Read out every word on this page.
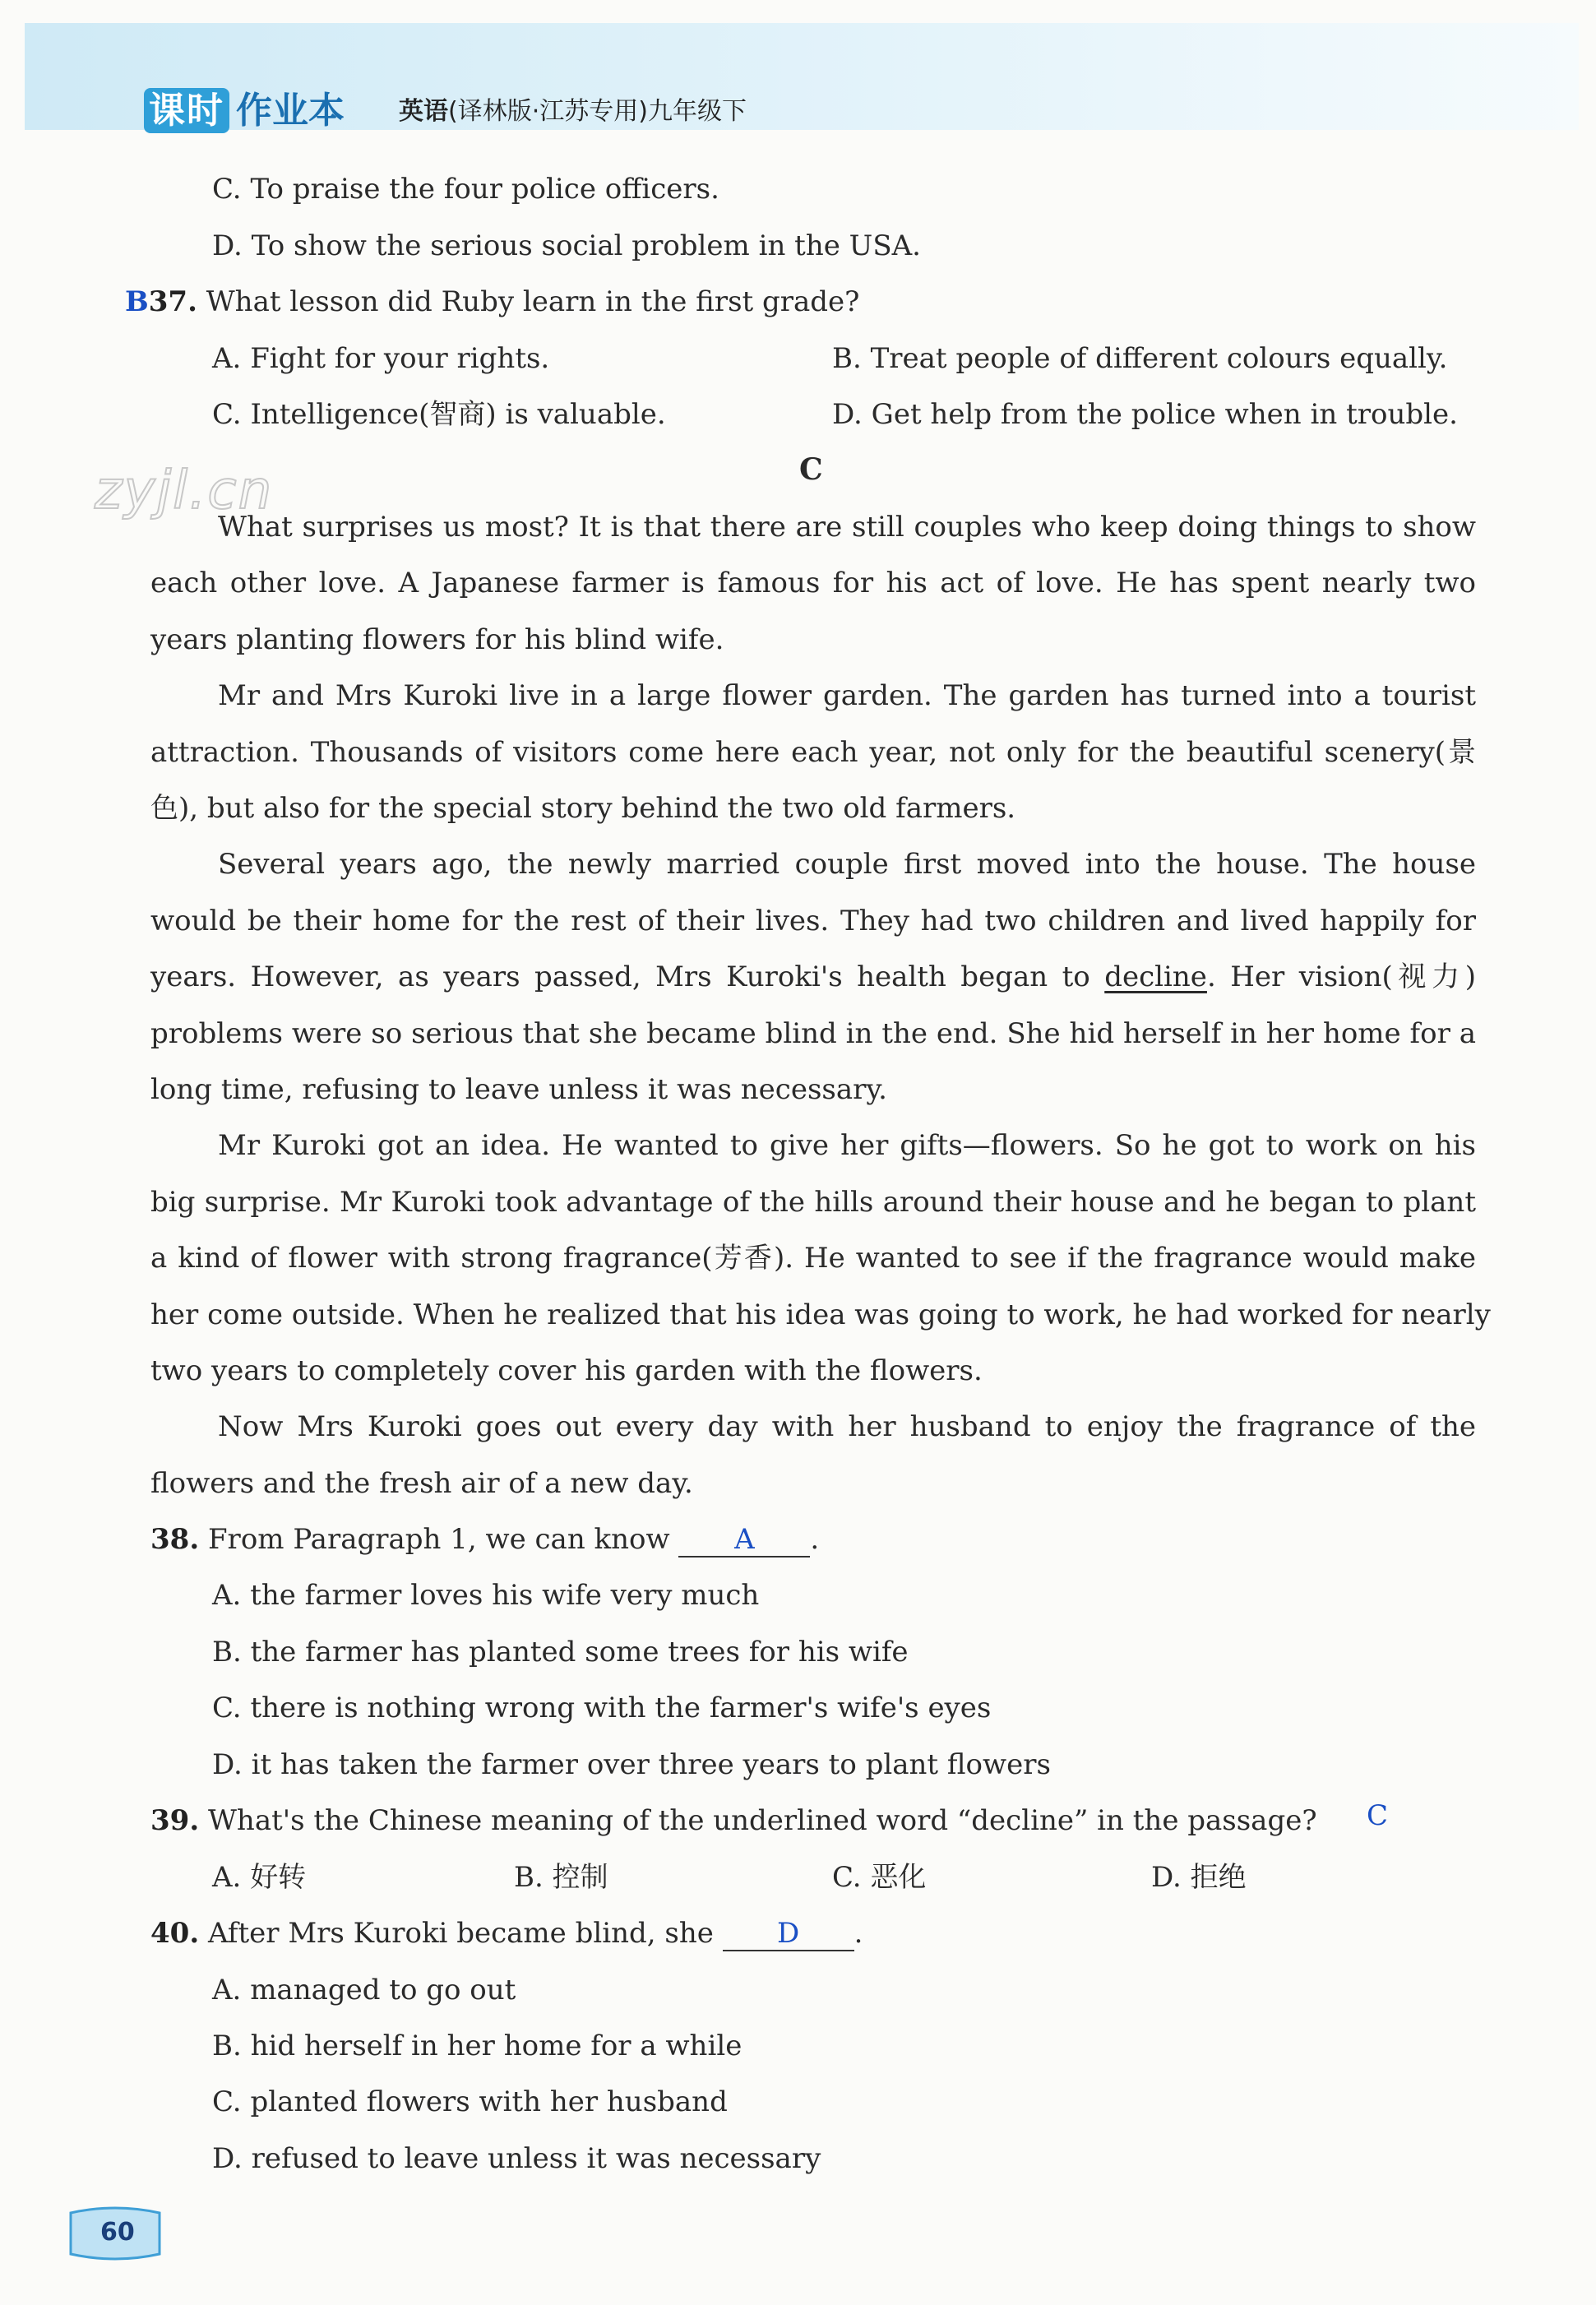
课时 作业本 英语(译林版·江苏专用)九年级下
C. To praise the four police officers.
D. To show the serious social problem in the USA.
B37. What lesson did Ruby learn in the first grade?
A. Fight for your rights.	B. Treat people of different colours equally.
C. Intelligence(智商) is valuable.	D. Get help from the police when in trouble.
C
zyjl.cn
What surprises us most? It is that there are still couples who keep doing things to show
each other love. A Japanese farmer is famous for his act of love. He has spent nearly two
years planting flowers for his blind wife.
Mr and Mrs Kuroki live in a large flower garden. The garden has turned into a tourist
attraction. Thousands of visitors come here each year, not only for the beautiful scenery(景
色), but also for the special story behind the two old farmers.
Several years ago, the newly married couple first moved into the house. The house
would be their home for the rest of their lives. They had two children and lived happily for
years. However, as years passed, Mrs Kuroki's health began to decline. Her vision(视力)
problems were so serious that she became blind in the end. She hid herself in her home for a
long time, refusing to leave unless it was necessary.
Mr Kuroki got an idea. He wanted to give her gifts—flowers. So he got to work on his
big surprise. Mr Kuroki took advantage of the hills around their house and he began to plant
a kind of flower with strong fragrance(芳香). He wanted to see if the fragrance would make
her come outside. When he realized that his idea was going to work, he had worked for nearly
two years to completely cover his garden with the flowers.
Now Mrs Kuroki goes out every day with her husband to enjoy the fragrance of the
flowers and the fresh air of a new day.
38. From Paragraph 1, we can know A .
A. the farmer loves his wife very much
B. the farmer has planted some trees for his wife
C. there is nothing wrong with the farmer's wife's eyes
D. it has taken the farmer over three years to plant flowers
39. What's the Chinese meaning of the underlined word “decline” in the passage? C
A. 好转	B. 控制	C. 恶化	D. 拒绝
40. After Mrs Kuroki became blind, she D .
A. managed to go out
B. hid herself in her home for a while
C. planted flowers with her husband
D. refused to leave unless it was necessary
60
